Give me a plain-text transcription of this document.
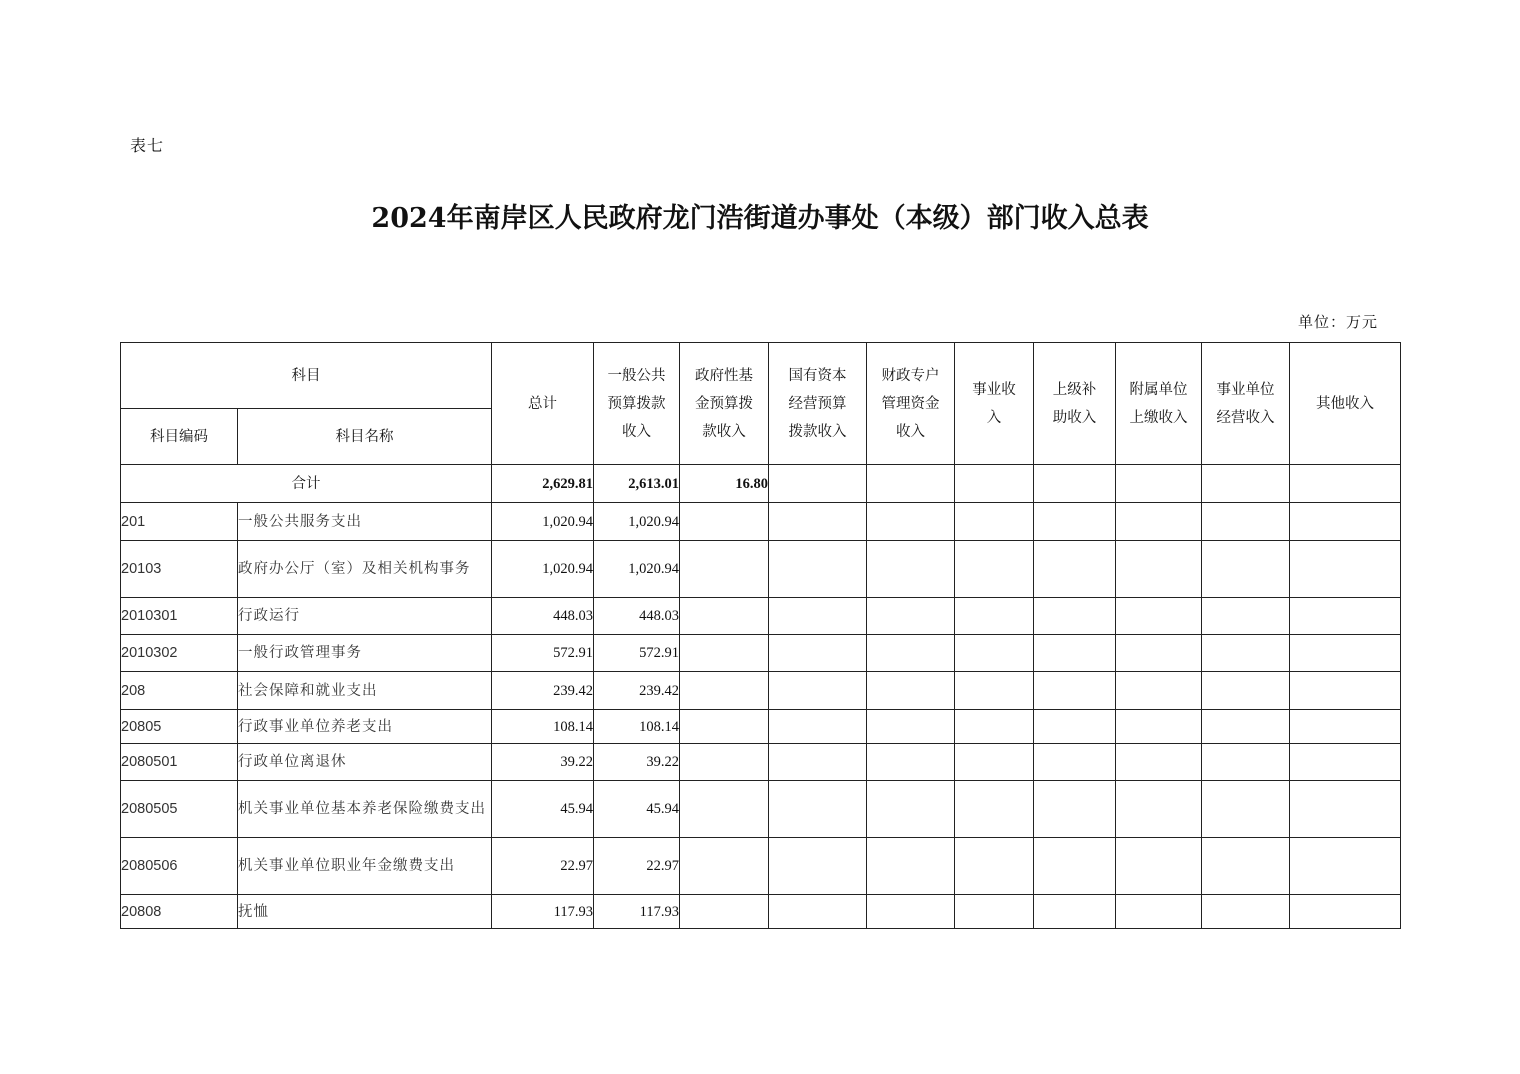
表七
2024年南岸区人民政府龙门浩街道办事处（本级）部门收入总表
单位：万元
科目		总计	一般公共
预算拨款
收入	政府性基
金预算拨
款收入	国有资本
经营预算
拨款收入	财政专户
管理资金
收入	事业收
入	上级补
助收入	附属单位
上缴收入	事业单位
经营收入	其他收入

科目编码	科目名称										
合计		2,629.81	2,613.01	16.80							
201	一般公共服务支出	1,020.94	1,020.94								
20103	政府办公厅（室）及相关机构事务	1,020.94	1,020.94								
2010301	行政运行	448.03	448.03								
2010302	一般行政管理事务	572.91	572.91								
208	社会保障和就业支出	239.42	239.42								
20805	行政事业单位养老支出	108.14	108.14								
2080501	行政单位离退休	39.22	39.22								
2080505	机关事业单位基本养老保险缴费支出	45.94	45.94								
2080506	机关事业单位职业年金缴费支出	22.97	22.97								
20808	抚恤	117.93	117.93								
